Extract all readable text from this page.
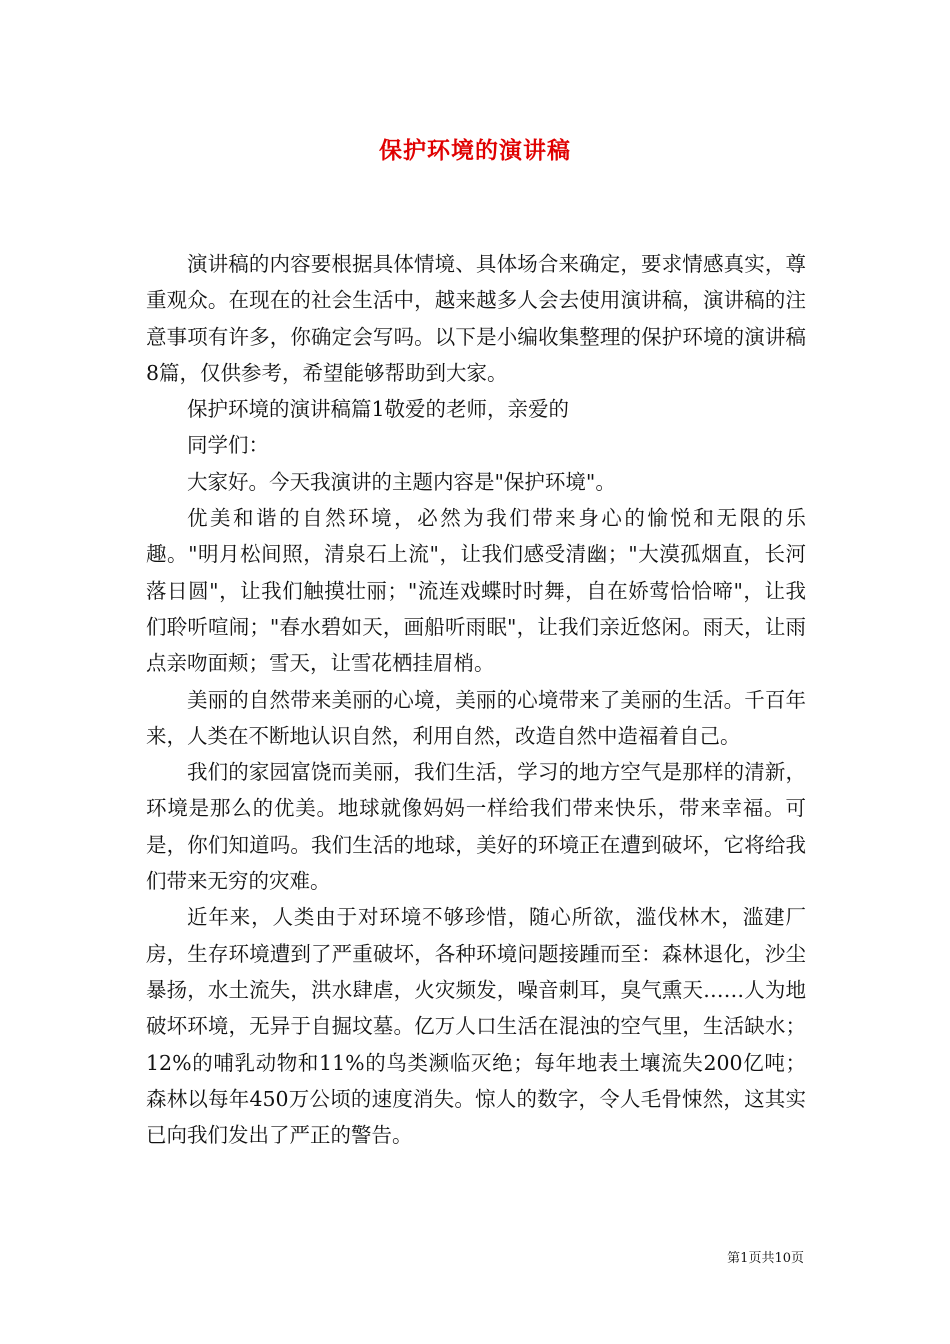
保护环境的演讲稿

演讲稿的内容要根据具体情境、具体场合来确定，要求情感真实，尊重观众。在现在的社会生活中，越来越多人会去使用演讲稿，演讲稿的注意事项有许多，你确定会写吗。以下是小编收集整理的保护环境的演讲稿8篇，仅供参考，希望能够帮助到大家。

保护环境的演讲稿篇1敬爱的老师，亲爱的

同学们：

大家好。今天我演讲的主题内容是"保护环境"。

优美和谐的自然环境，必然为我们带来身心的愉悦和无限的乐趣。"明月松间照，清泉石上流"，让我们感受清幽；"大漠孤烟直，长河落日圆"，让我们触摸壮丽；"流连戏蝶时时舞，自在娇莺恰恰啼"，让我们聆听喧闹；"春水碧如天，画船听雨眠"，让我们亲近悠闲。雨天，让雨点亲吻面颊；雪天，让雪花栖挂眉梢。

美丽的自然带来美丽的心境，美丽的心境带来了美丽的生活。千百年来，人类在不断地认识自然，利用自然，改造自然中造福着自己。

我们的家园富饶而美丽，我们生活，学习的地方空气是那样的清新，环境是那么的优美。地球就像妈妈一样给我们带来快乐，带来幸福。可是，你们知道吗。我们生活的地球，美好的环境正在遭到破坏，它将给我们带来无穷的灾难。

近年来，人类由于对环境不够珍惜，随心所欲，滥伐林木，滥建厂房，生存环境遭到了严重破坏，各种环境问题接踵而至：森林退化，沙尘暴扬，水土流失，洪水肆虐，火灾频发，噪音刺耳，臭气熏天……人为地破坏环境，无异于自掘坟墓。亿万人口生活在混浊的空气里，生活缺水；12%的哺乳动物和11%的鸟类濒临灭绝；每年地表土壤流失200亿吨；森林以每年450万公顷的速度消失。惊人的数字，令人毛骨悚然，这其实已向我们发出了严正的警告。

第1页共10页
